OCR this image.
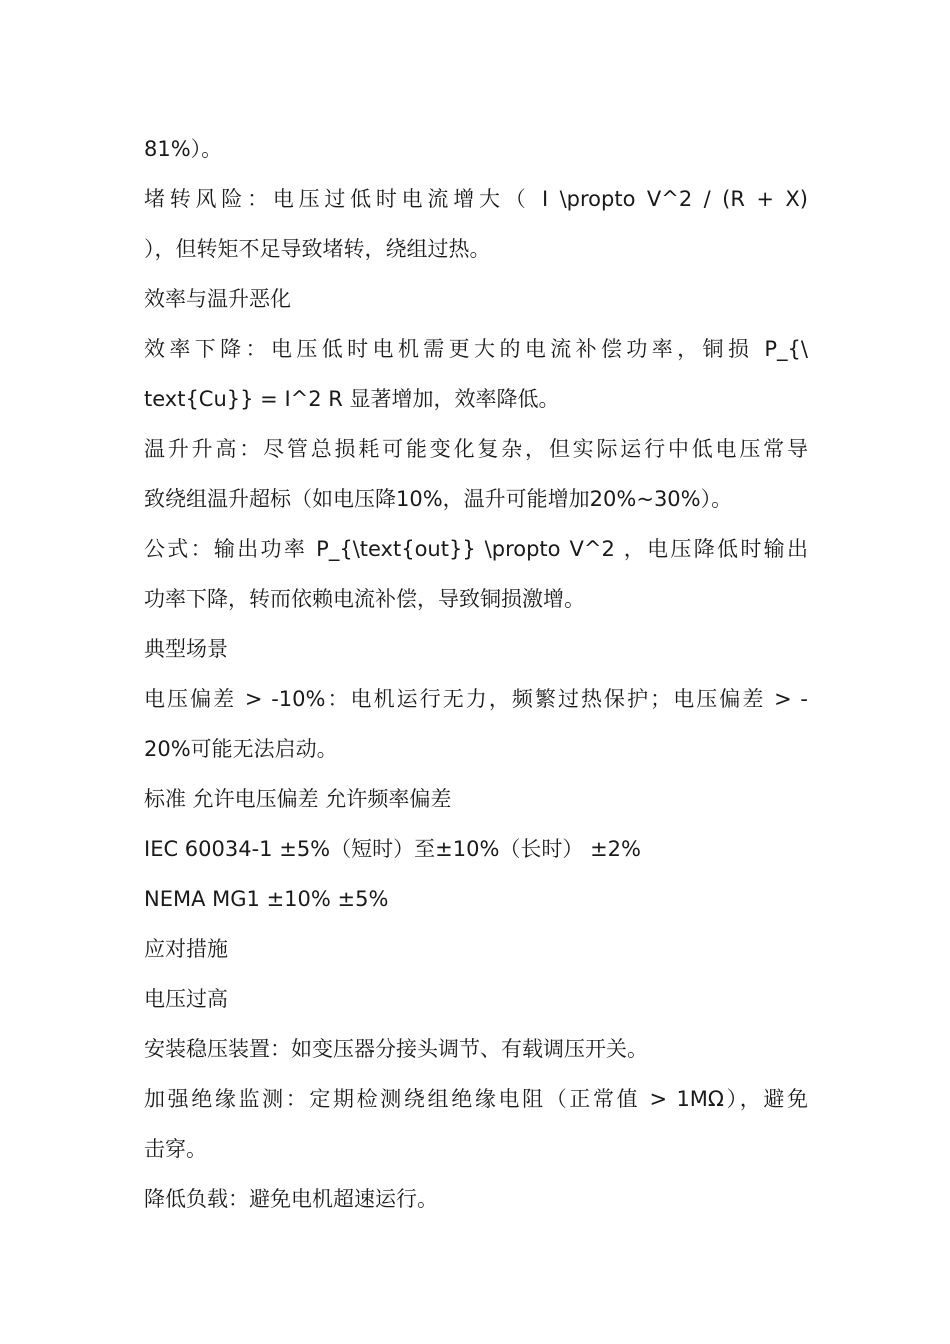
81%）。
堵转风险：电压过低时电流增大（ I \propto V^2 / (R + X)
），但转矩不足导致堵转，绕组过热。
效率与温升恶化
效率下降：电压低时电机需更大的电流补偿功率，铜损 P_{\
text{Cu}} = I^2 R 显著增加，效率降低。
温升升高：尽管总损耗可能变化复杂，但实际运行中低电压常导
致绕组温升超标（如电压降10%，温升可能增加20%~30%）。
公式：输出功率 P_{\text{out}} \propto V^2 ，电压降低时输出
功率下降，转而依赖电流补偿，导致铜损激增。
典型场景
电压偏差 > -10%：电机运行无力，频繁过热保护；电压偏差 > -
20%可能无法启动。
标准 允许电压偏差 允许频率偏差
IEC 60034-1 ±5%（短时）至±10%（长时） ±2%
NEMA MG1 ±10% ±5%
应对措施
电压过高
安装稳压装置：如变压器分接头调节、有载调压开关。
加强绝缘监测：定期检测绕组绝缘电阻（正常值 > 1MΩ），避免
击穿。
降低负载：避免电机超速运行。
